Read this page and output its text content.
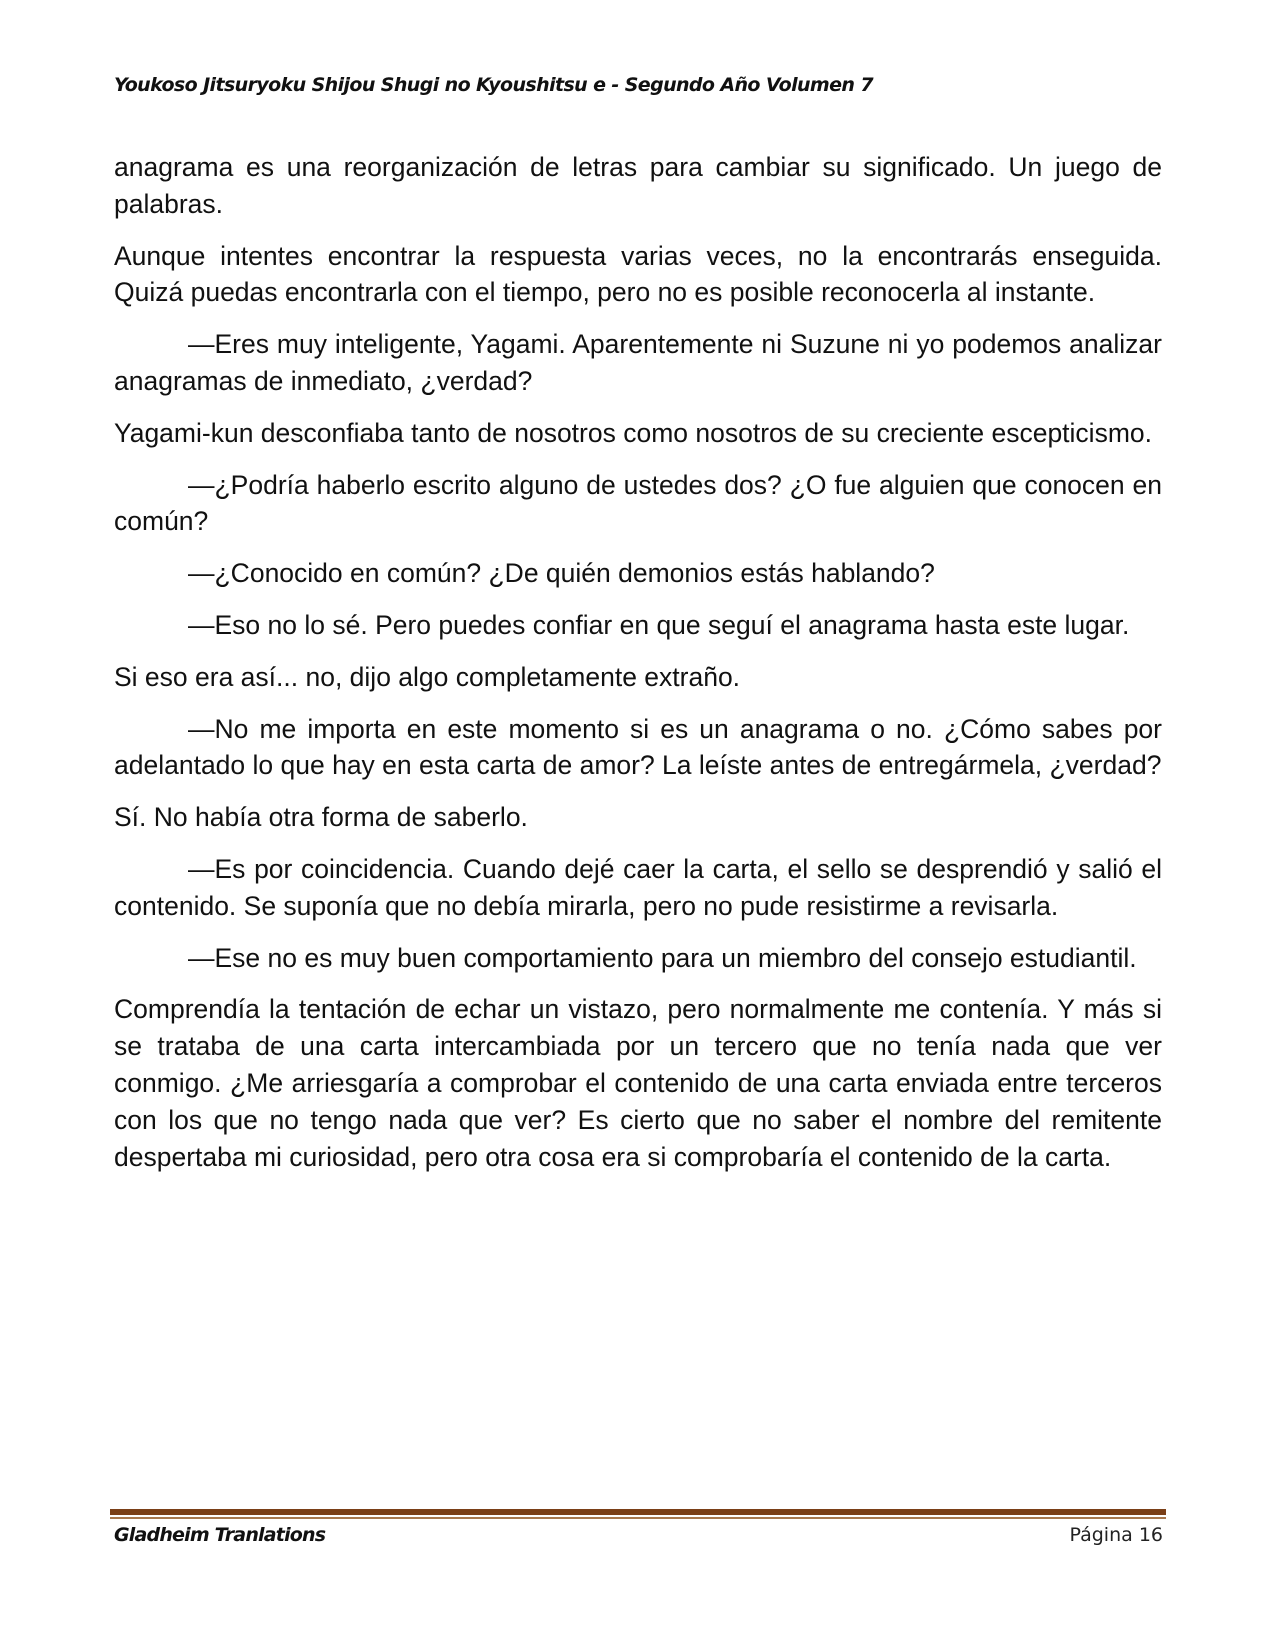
Youkoso Jitsuryoku Shijou Shugi no Kyoushitsu e - Segundo Año Volumen 7

anagrama es una reorganización de letras para cambiar su significado. Un juego de palabras.

Aunque intentes encontrar la respuesta varias veces, no la encontrarás enseguida. Quizá puedas encontrarla con el tiempo, pero no es posible reconocerla al instante.

—Eres muy inteligente, Yagami. Aparentemente ni Suzune ni yo podemos analizar anagramas de inmediato, ¿verdad?

Yagami-kun desconfiaba tanto de nosotros como nosotros de su creciente escepticismo.

—¿Podría haberlo escrito alguno de ustedes dos? ¿O fue alguien que conocen en común?

—¿Conocido en común? ¿De quién demonios estás hablando?

—Eso no lo sé. Pero puedes confiar en que seguí el anagrama hasta este lugar.

Si eso era así... no, dijo algo completamente extraño.

—No me importa en este momento si es un anagrama o no. ¿Cómo sabes por adelantado lo que hay en esta carta de amor? La leíste antes de entregármela, ¿verdad?

Sí. No había otra forma de saberlo.

—Es por coincidencia. Cuando dejé caer la carta, el sello se desprendió y salió el contenido. Se suponía que no debía mirarla, pero no pude resistirme a revisarla.

—Ese no es muy buen comportamiento para un miembro del consejo estudiantil.

Comprendía la tentación de echar un vistazo, pero normalmente me contenía. Y más si se trataba de una carta intercambiada por un tercero que no tenía nada que ver conmigo. ¿Me arriesgaría a comprobar el contenido de una carta enviada entre terceros con los que no tengo nada que ver? Es cierto que no saber el nombre del remitente despertaba mi curiosidad, pero otra cosa era si comprobaría el contenido de la carta.

Gladheim Tranlations	Página 16
